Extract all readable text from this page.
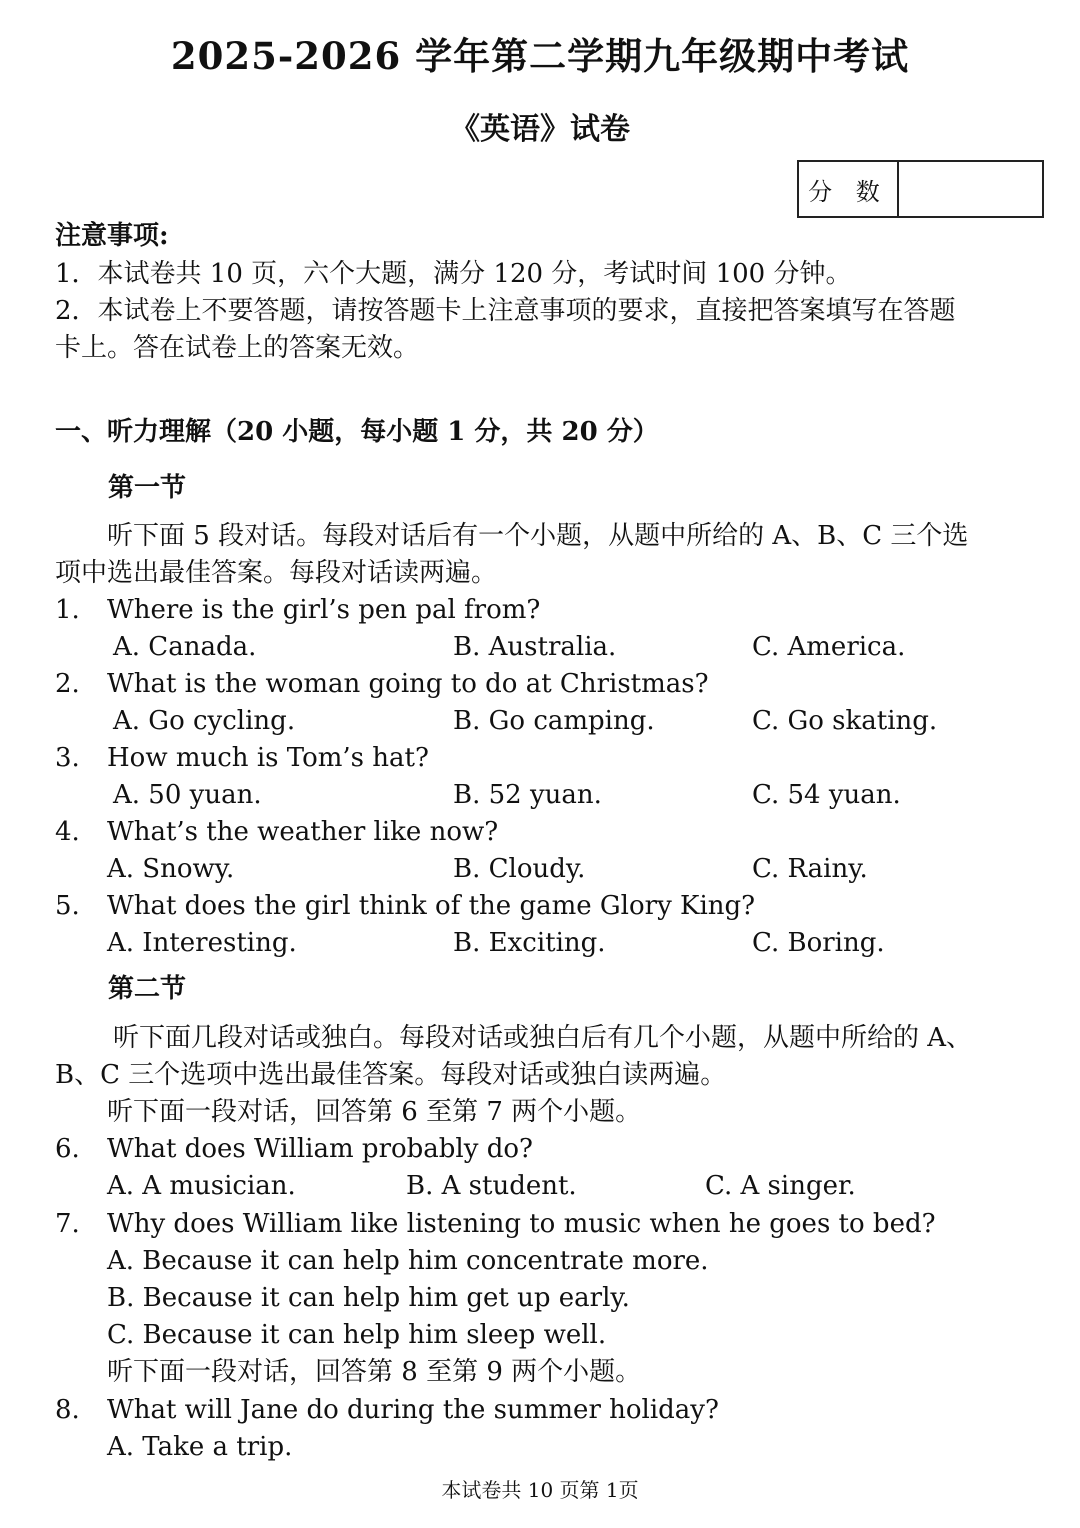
2025-2026 学年第二学期九年级期中考试
《英语》试卷
分 数
注意事项:
1．本试卷共 10 页，六个大题，满分 120 分，考试时间 100 分钟。
2．本试卷上不要答题，请按答题卡上注意事项的要求，直接把答案填写在答题
卡上。答在试卷上的答案无效。
一、听力理解（20 小题，每小题 1 分，共 20 分）
第一节
听下面 5 段对话。每段对话后有一个小题，从题中所给的 A、B、C 三个选
项中选出最佳答案。每段对话读两遍。
1. Where is the girl’s pen pal from?
A. Canada.	B. Australia.	C. America.
2. What is the woman going to do at Christmas?
A. Go cycling.	B. Go camping.	C. Go skating.
3. How much is Tom’s hat?
A. 50 yuan.	B. 52 yuan.	C. 54 yuan.
4. What’s the weather like now?
A. Snowy.	B. Cloudy.	C. Rainy.
5. What does the girl think of the game Glory King?
A. Interesting.	B. Exciting.	C. Boring.
第二节
听下面几段对话或独白。每段对话或独白后有几个小题，从题中所给的 A、
B、C 三个选项中选出最佳答案。每段对话或独白读两遍。
听下面一段对话，回答第 6 至第 7 两个小题。
6. What does William probably do?
A. A musician.	B. A student.	C. A singer.
7. Why does William like listening to music when he goes to bed?
A. Because it can help him concentrate more.
B. Because it can help him get up early.
C. Because it can help him sleep well.
听下面一段对话，回答第 8 至第 9 两个小题。
8. What will Jane do during the summer holiday?
A. Take a trip.
本试卷共 10 页第 1页
